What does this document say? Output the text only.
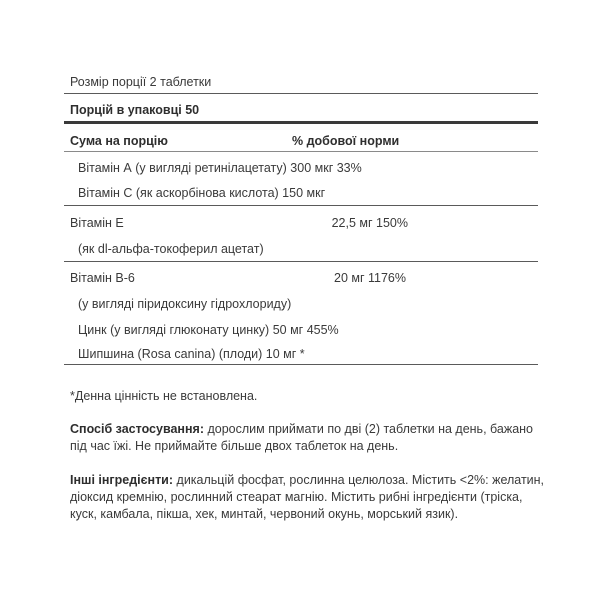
Розмір порції 2 таблетки
Порцій в упаковці 50
Сума на порцію	% добової норми
Вітамін А (у вигляді ретинілацетату) 300 мкг 33%
Вітамін С (як аскорбінова кислота) 150 мкг
Вітамін Е	22,5 мг 150%
(як dl-альфа-токоферил ацетат)
Вітамін В-6	20 мг 1176%
(у вигляді піридоксину гідрохлориду)
Цинк (у вигляді глюконату цинку) 50 мг 455%
Шипшина (Rosa canina) (плоди) 10 мг *
*Денна цінність не встановлена.
Спосіб застосування: дорослим приймати по дві (2) таблетки на день, бажано під час їжі. Не приймайте більше двох таблеток на день.
Інші інгредієнти: дикальцій фосфат, рослинна целюлоза. Містить <2%: желатин, діоксид кремнію, рослинний стеарат магнію. Містить рибні інгредієнти (тріска, куск, камбала, пікша, хек, минтай, червоний окунь, морський язик).
